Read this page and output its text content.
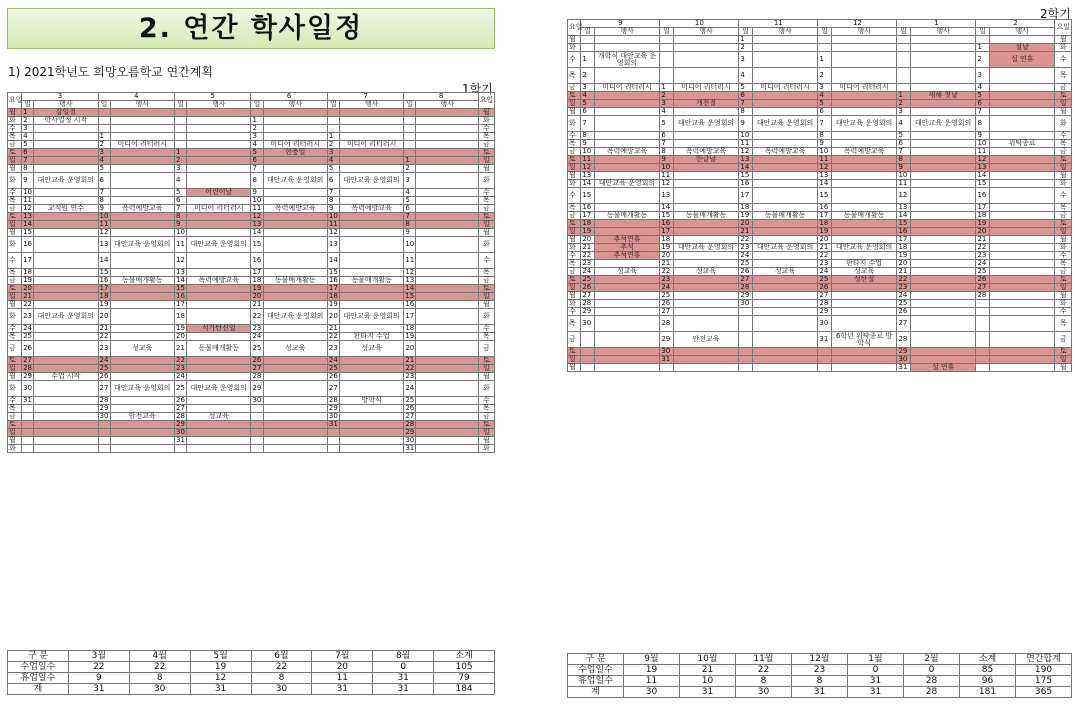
2. 연간 학사일정
1) 2021학년도 희망오름학교 연간계획
1학기
2학기
요일	3		4		5		6		7		8		요일
	일	행사	일	행사	일	행사	일	행사	일	행사	일	행사	
월	1	삼일절											월
화	2	학사일정 시작					1						화
수	3						2						수
목	4		1				3		1				목
금	5		2	미디어 리터러시			4	미디어 리터러시	2	미디어 리터러시			금
토	6		3		1		5	현충일	3				토
일	7		4		2		6		4		1		일
월	8		5		3		7		5		2		월
화	9	대안교육 운영회의	6		4		8	대안교육 운영회의	6	대안교육 운영회의	3		화
수	10		7		5	어린이날	9		7		4		수
목	11		8		6		10		8		5		목
금	12	교직원 연수	9	폭력예방교육	7	미디어 리터러시	11	폭력예방교육	9	폭력예방교육	6		금
토	13		10		8		12		10		7		토
일	14		11		9		13		11		8		일
월	15		12		10		14		12		9		월
화	16		13	대안교육 운영회의	11	대안교육 운영회의	15		13		10		화
수	17		14		12		16		14		11		수
목	18		15		13		17		15		12		목
금	19		16	동물매개활동	14	폭력예방교육	18	동물매개활동	16	동물매개활동	13		금
토	20		17		15		19		17		14		토
일	21		18		16		20		18		15		일
월	22		19		17		21		19		16		월
화	23	대안교육 운영회의	20		18		22	대안교육 운영회의	20	대안교육 운영회의	17		화
수	24		21		19	석가탄신일	23		21		18		수
목	25		22		20		24		22	판타지 수업	19		목
금	26		23	성교육	21	동물매개활동	25	성교육	23	성교육	20		금
토	27		24		22		26		24		21		토
일	28		25		23		27		25		22		일
월	29	수업 시작	26		24		28		26		23		월
화	30		27	대안교육 운영회의	25	대안교육 운영회의	29		27		24		화
수	31		28		26		30		28	방학식	25		수
목			29		27				29		26		목
금			30	안전교육	28	성교육			30		27		금
토					29				31		28		토
일					30						29		일
월					31						30		월
화											31		화
구 분	3월	4월	5월	6월	7월	8월	소계
수업일수	22	22	19	22	20	0	105
휴업일수	9	8	12	8	11	31	79
계	31	30	31	30	31	31	184
요일	9		10		11		12		1		2		요일
	일	행사	일	행사	일	행사	일	행사	일	행사	일	행사	
월					1								월
화					2						1	설날	화
수	1	개학식 대안교육 운영회의			3		1				2	설 연휴	수
목	2				4		2				3		목
금	3	미디어 리터러시	1	미디어 리터러시	5	미디어 리터러시	3	미디어 리터러시			4		금
토	4		2		6		4		1	새해 첫날	5		토
일	5		3	개천절	7		5		2		6		일
월	6		4		8		6		3		7		월
화	7		5	대안교육 운영회의	9	대안교육 운영회의	7	대안교육 운영회의	4	대안교육 운영회의	8		화
수	8		6		10		8		5		9		수
목	9		7		11		9		6		10	위탁종료	목
금	10	폭력예방교육	8	폭력예방교육	12	폭력예방교육	10	폭력예방교육	7		11		금
토	11		9	한글날	13		11		8		12		토
일	12		10		14		12		9		13		일
월	13		11		15		13		10		14		월
화	14	대안교육 운영회의	12		16		14		11		15		화
수	15		13		17		15		12		16		수
목	16		14		18		16		13		17		목
금	17	동물매개활동	15	동물매개활동	19	동물매개활동	17	동물매개활동	14		18		금
토	18		16		20		18		15		19		토
일	19		17		21		19		16		20		일
월	20	추석연휴	18		22		20		17		21		월
화	21	추석	19	대안교육 운영회의	23	대안교육 운영회의	21	대안교육 운영회의	18		22		화
수	22	추석연휴	20		24		22		19		23		수
목	23		21		25		23	판타지 수업	20		24		목
금	24	성교육	22	성교육	26	성교육	24	성교육	21		25		금
토	25		23		27		25	성탄절	22		26		토
일	26		24		28		26		23		27		일
월	27		25		29		27		24		28		월
화	28		26		30		28		25				화
수	29		27				29		26				수
목	30		28				30		27				목
금			29	안전교육			31	6학년 위탁종료 방학식	28				금
토			30						29				토
일			31						30				일
월									31	설 연휴			월
구 분	9월	10월	11월	12월	1월	2월	소계	연간합계
수업일수	19	21	22	23	0	0	85	190
휴업일수	11	10	8	8	31	28	96	175
계	30	31	30	31	31	28	181	365
